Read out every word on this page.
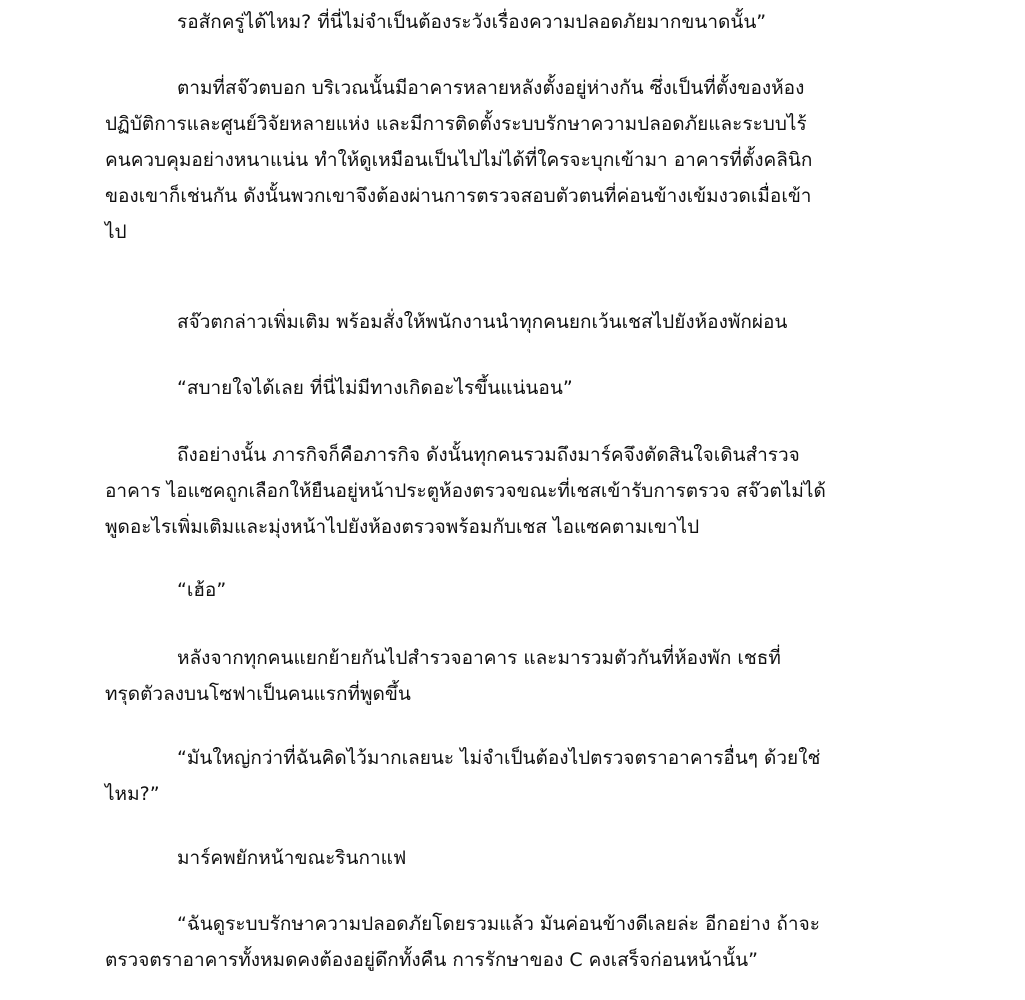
รอสักครู่ได้ไหม? ที่นี่ไม่จำเป็นต้องระวังเรื่องความปลอดภัยมากขนาดนั้น”

ตามที่สจ๊วตบอก บริเวณนั้นมีอาคารหลายหลังตั้งอยู่ห่างกัน ซึ่งเป็นที่ตั้งของห้อง
ปฏิบัติการและศูนย์วิจัยหลายแห่ง และมีการติดตั้งระบบรักษาความปลอดภัยและระบบไร้
คนควบคุมอย่างหนาแน่น ทำให้ดูเหมือนเป็นไปไม่ได้ที่ใครจะบุกเข้ามา อาคารที่ตั้งคลินิก
ของเขาก็เช่นกัน ดังนั้นพวกเขาจึงต้องผ่านการตรวจสอบตัวตนที่ค่อนข้างเข้มงวดเมื่อเข้า
ไป

สจ๊วตกล่าวเพิ่มเติม พร้อมสั่งให้พนักงานนำทุกคนยกเว้นเชสไปยังห้องพักผ่อน

“สบายใจได้เลย ที่นี่ไม่มีทางเกิดอะไรขึ้นแน่นอน”

ถึงอย่างนั้น ภารกิจก็คือภารกิจ ดังนั้นทุกคนรวมถึงมาร์คจึงตัดสินใจเดินสำรวจ
อาคาร ไอแซคถูกเลือกให้ยืนอยู่หน้าประตูห้องตรวจขณะที่เชสเข้ารับการตรวจ สจ๊วตไม่ได้
พูดอะไรเพิ่มเติมและมุ่งหน้าไปยังห้องตรวจพร้อมกับเชส ไอแซคตามเขาไป

“เฮ้อ”

หลังจากทุกคนแยกย้ายกันไปสำรวจอาคาร และมารวมตัวกันที่ห้องพัก เชธที่
ทรุดตัวลงบนโซฟาเป็นคนแรกที่พูดขึ้น

“มันใหญ่กว่าที่ฉันคิดไว้มากเลยนะ ไม่จำเป็นต้องไปตรวจตราอาคารอื่นๆ ด้วยใช่
ไหม?”

มาร์คพยักหน้าขณะรินกาแฟ

“ฉันดูระบบรักษาความปลอดภัยโดยรวมแล้ว มันค่อนข้างดีเลยล่ะ อีกอย่าง ถ้าจะ
ตรวจตราอาคารทั้งหมดคงต้องอยู่ดึกทั้งคืน การรักษาของ C คงเสร็จก่อนหน้านั้น”
